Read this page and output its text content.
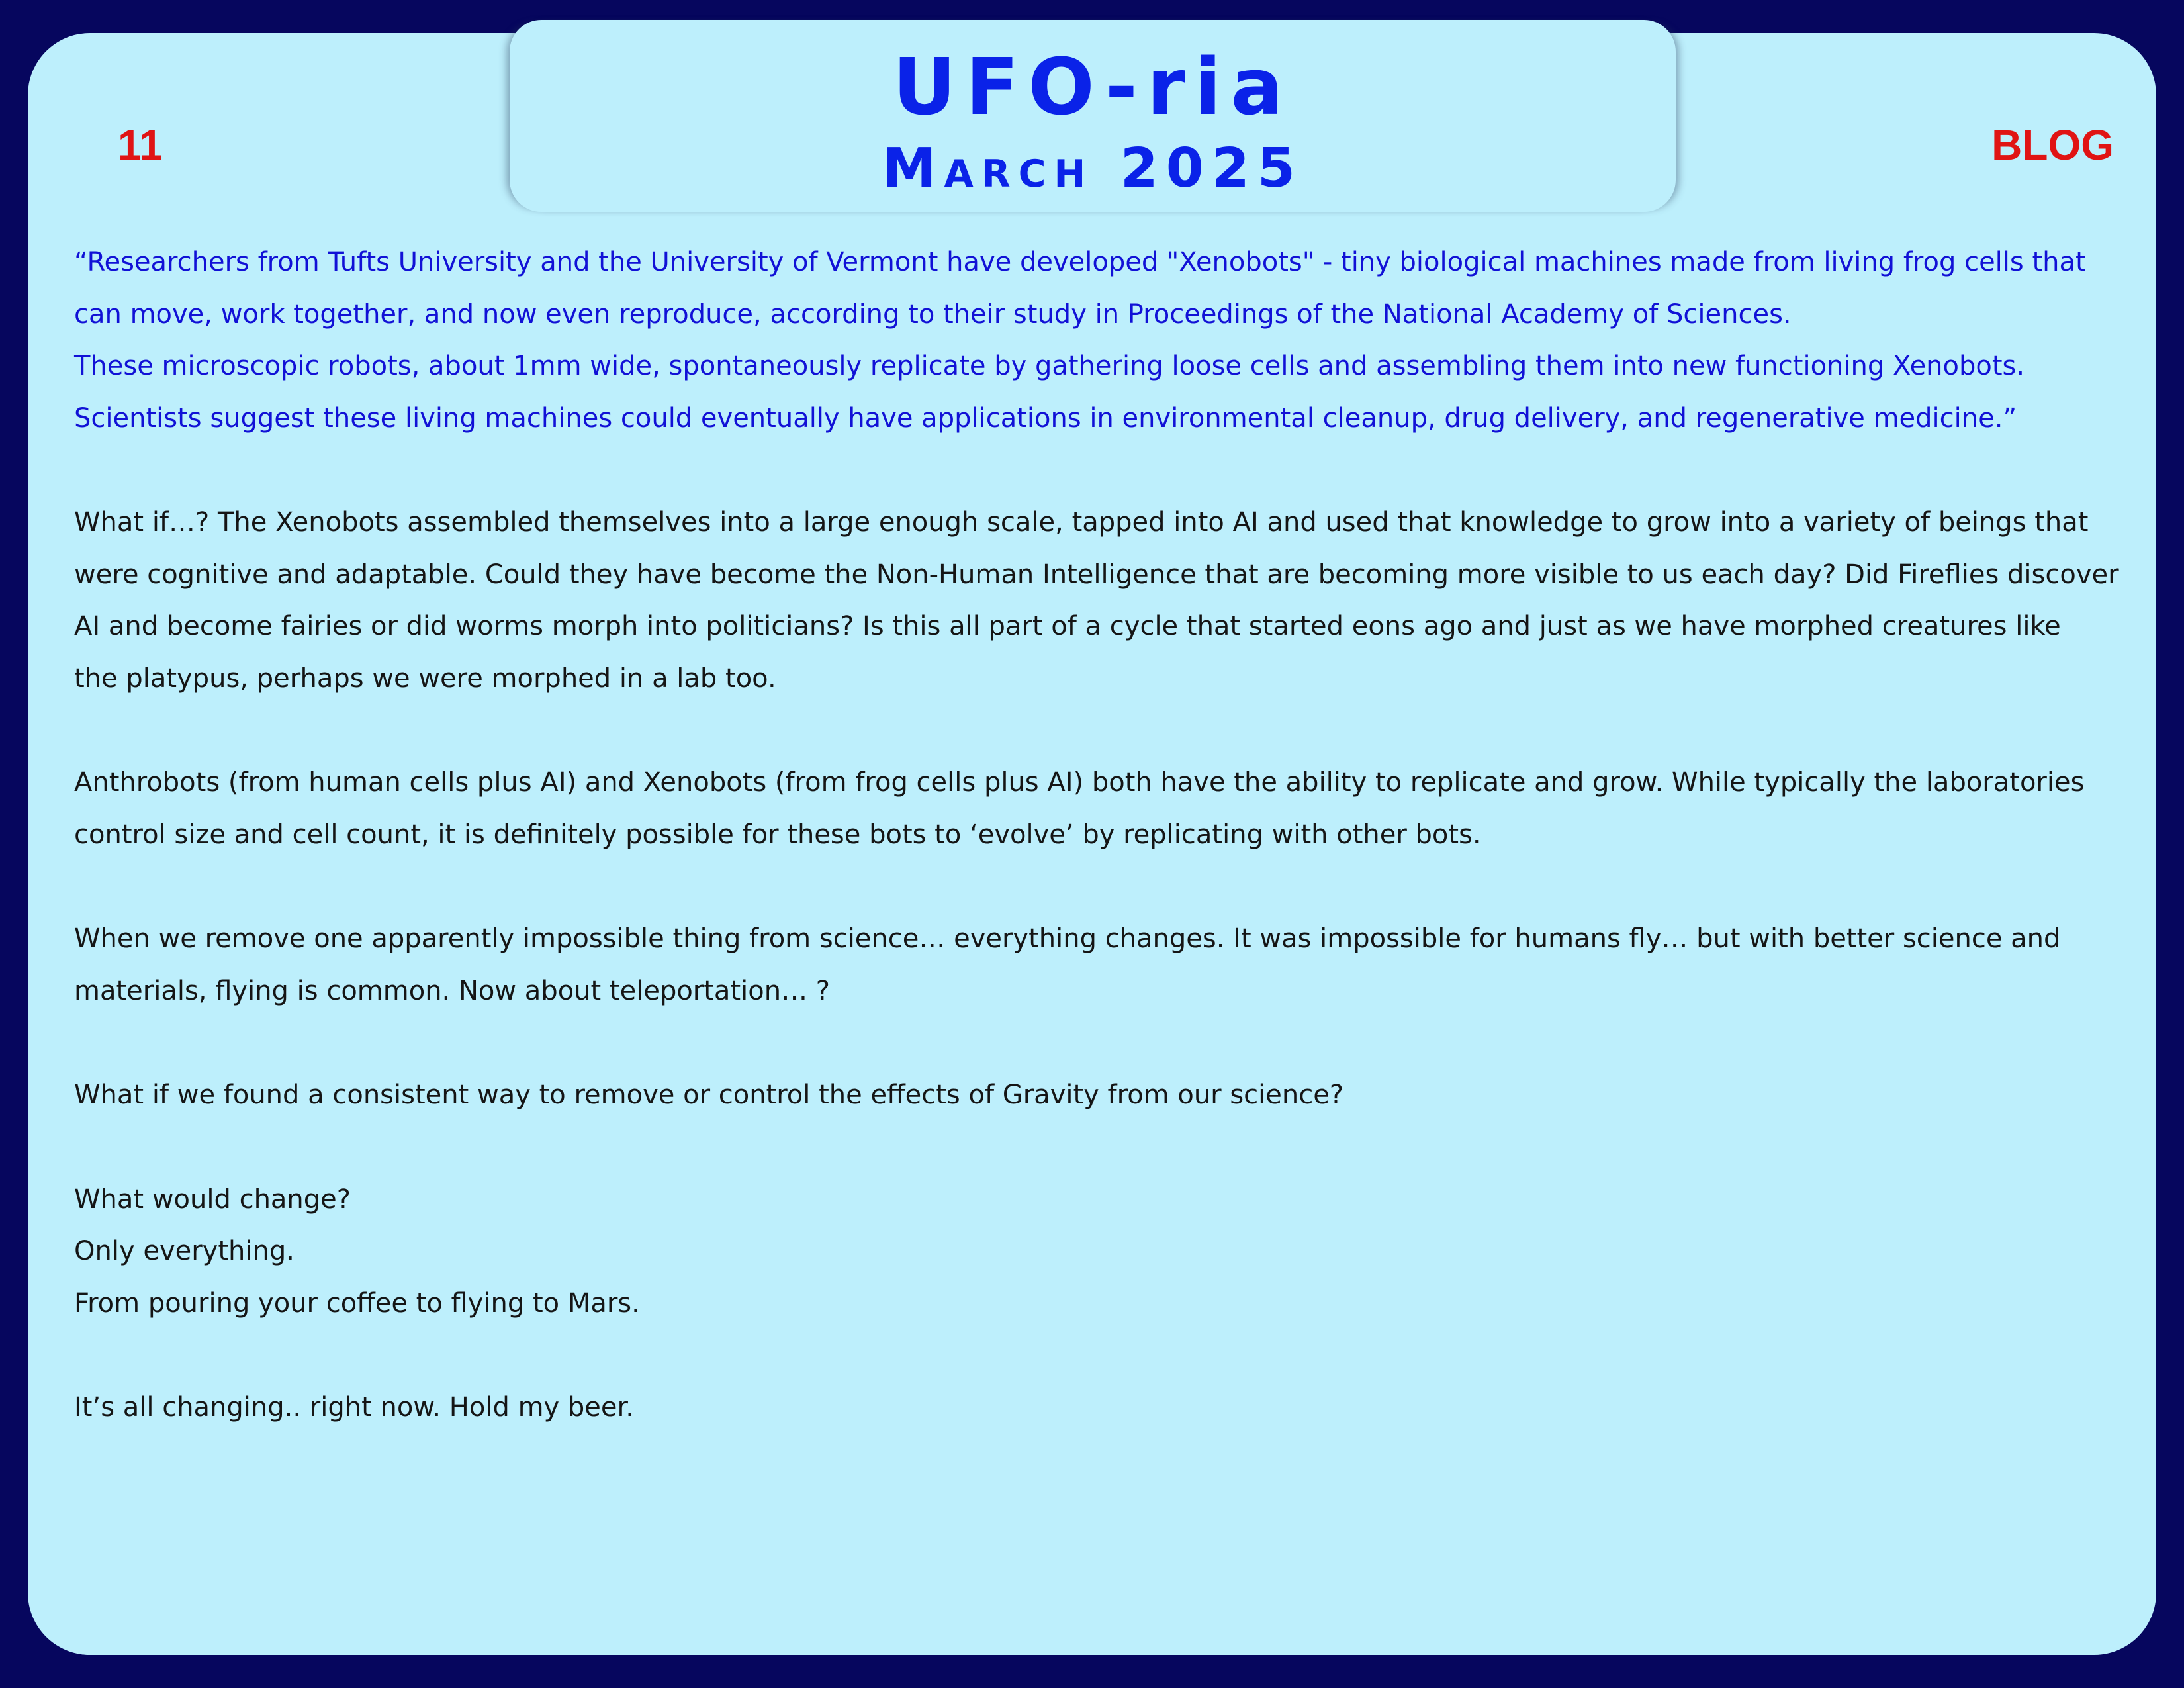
UFO-ria
March 2025
11	BLOG
“Researchers from Tufts University and the University of Vermont have developed "Xenobots" - tiny biological machines made from living frog cells that
can move, work together, and now even reproduce, according to their study in Proceedings of the National Academy of Sciences.
These microscopic robots, about 1mm wide, spontaneously replicate by gathering loose cells and assembling them into new functioning Xenobots.
Scientists suggest these living machines could eventually have applications in environmental cleanup, drug delivery, and regenerative medicine.”
What if…? The Xenobots assembled themselves into a large enough scale, tapped into AI and used that knowledge to grow into a variety of beings that
were cognitive and adaptable. Could they have become the Non-Human Intelligence that are becoming more visible to us each day? Did Fireflies discover
AI and become fairies or did worms morph into politicians? Is this all part of a cycle that started eons ago and just as we have morphed creatures like
the platypus, perhaps we were morphed in a lab too.
Anthrobots (from human cells plus AI) and Xenobots (from frog cells plus AI) both have the ability to replicate and grow. While typically the laboratories
control size and cell count, it is definitely possible for these bots to ‘evolve’ by replicating with other bots.
When we remove one apparently impossible thing from science… everything changes. It was impossible for humans fly… but with better science and
materials, flying is common. Now about teleportation… ?
What if we found a consistent way to remove or control the effects of Gravity from our science?
What would change?
Only everything.
From pouring your coffee to flying to Mars.
It’s all changing.. right now. Hold my beer.
